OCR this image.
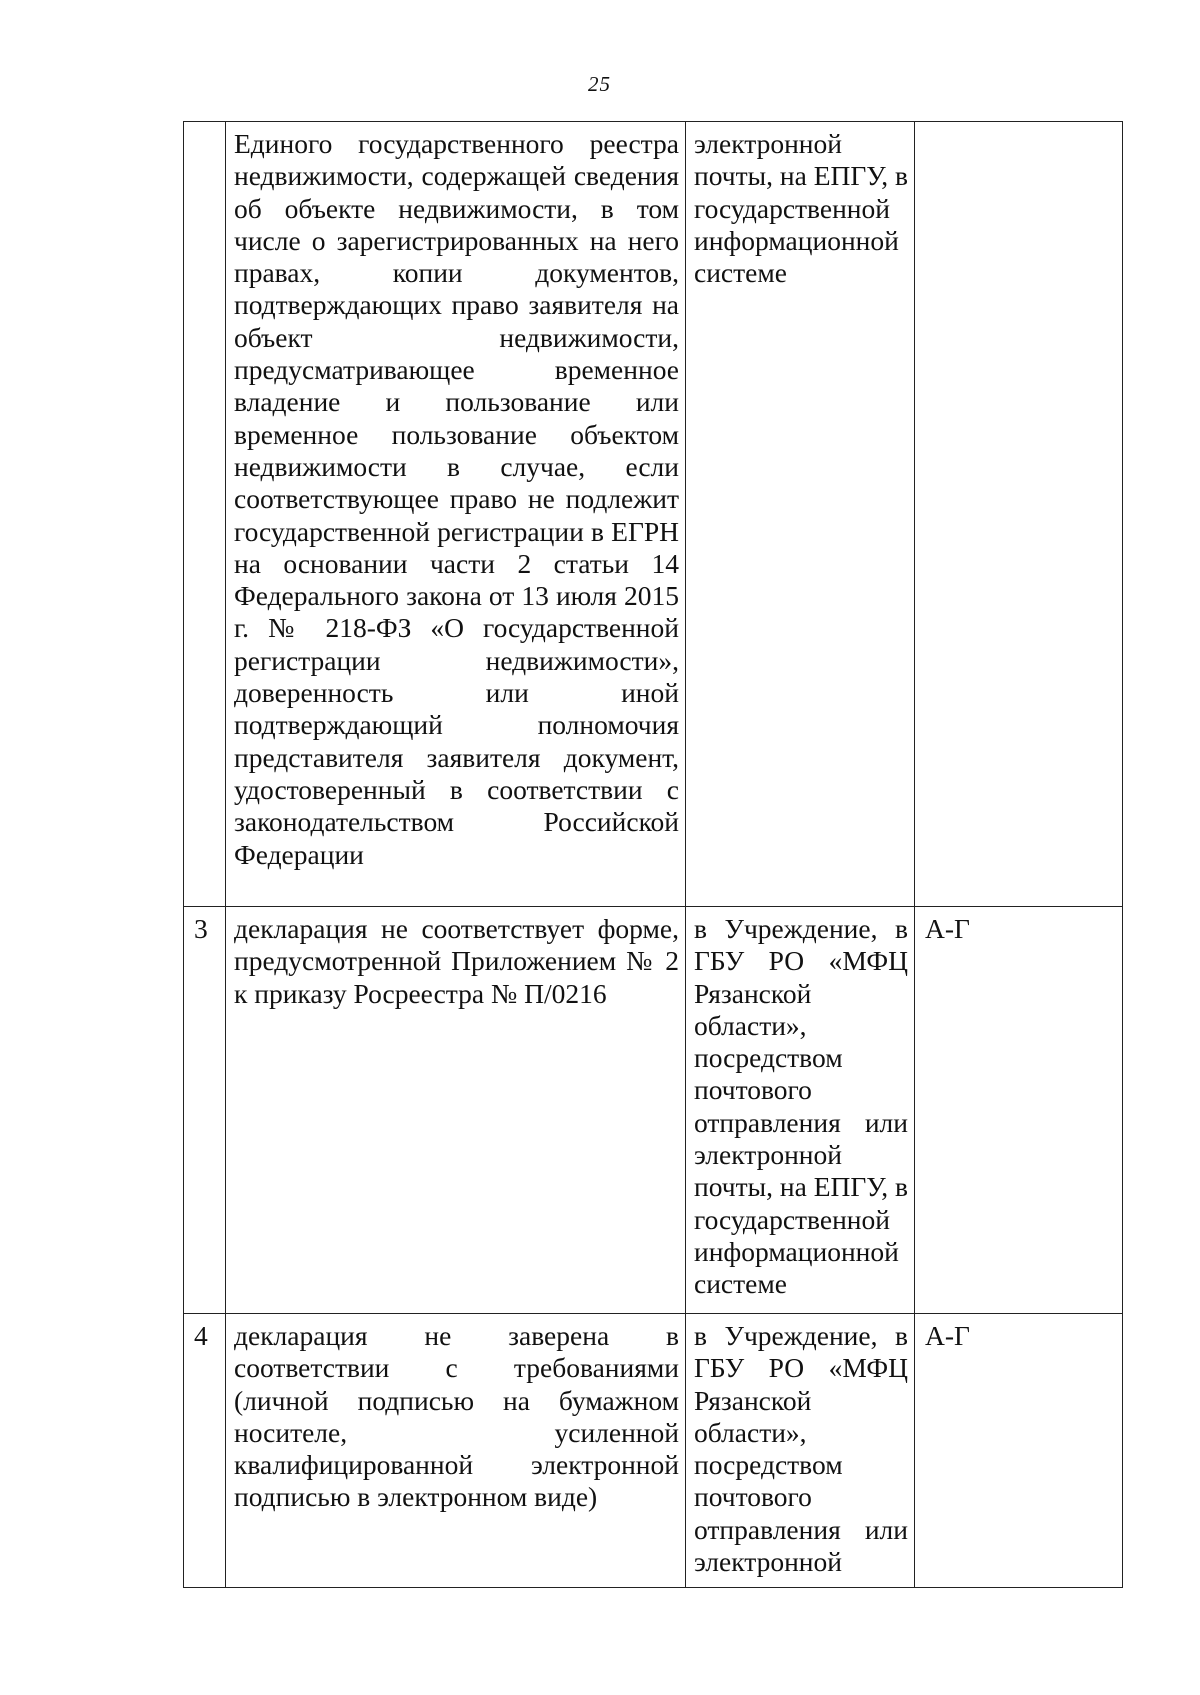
25
	Единого государственного реестра недвижимости, содержащей сведения об объекте недвижимости, в том числе о зарегистрированных на него правах, копии документов, подтверждающих право заявителя на объект недвижимости, предусматривающее временное владение и пользование или временное пользование объектом недвижимости в случае, если соответствующее право не подлежит государственной регистрации в ЕГРН на основании части 2 статьи 14 Федерального закона от 13 июля 2015 г. № 218-ФЗ «О государственной регистрации недвижимости», доверенность или иной подтверждающий полномочия представителя заявителя документ, удостоверенный в соответствии с законодательством Российской Федерации	электронной почты, на ЕПГУ, в государственной информационной системе	
3	декларация не соответствует форме, предусмотренной Приложением № 2 к приказу Росреестра № П/0216	в Учреждение, в ГБУ РО «МФЦ Рязанской области», посредством почтового отправления или электронной почты, на ЕПГУ, в государственной информационной системе	А-Г
4	декларация не заверена в соответствии с требованиями (личной подписью на бумажном носителе, усиленной квалифицированной электронной подписью в электронном виде)	в Учреждение, в ГБУ РО «МФЦ Рязанской области», посредством почтового отправления или электронной	А-Г
